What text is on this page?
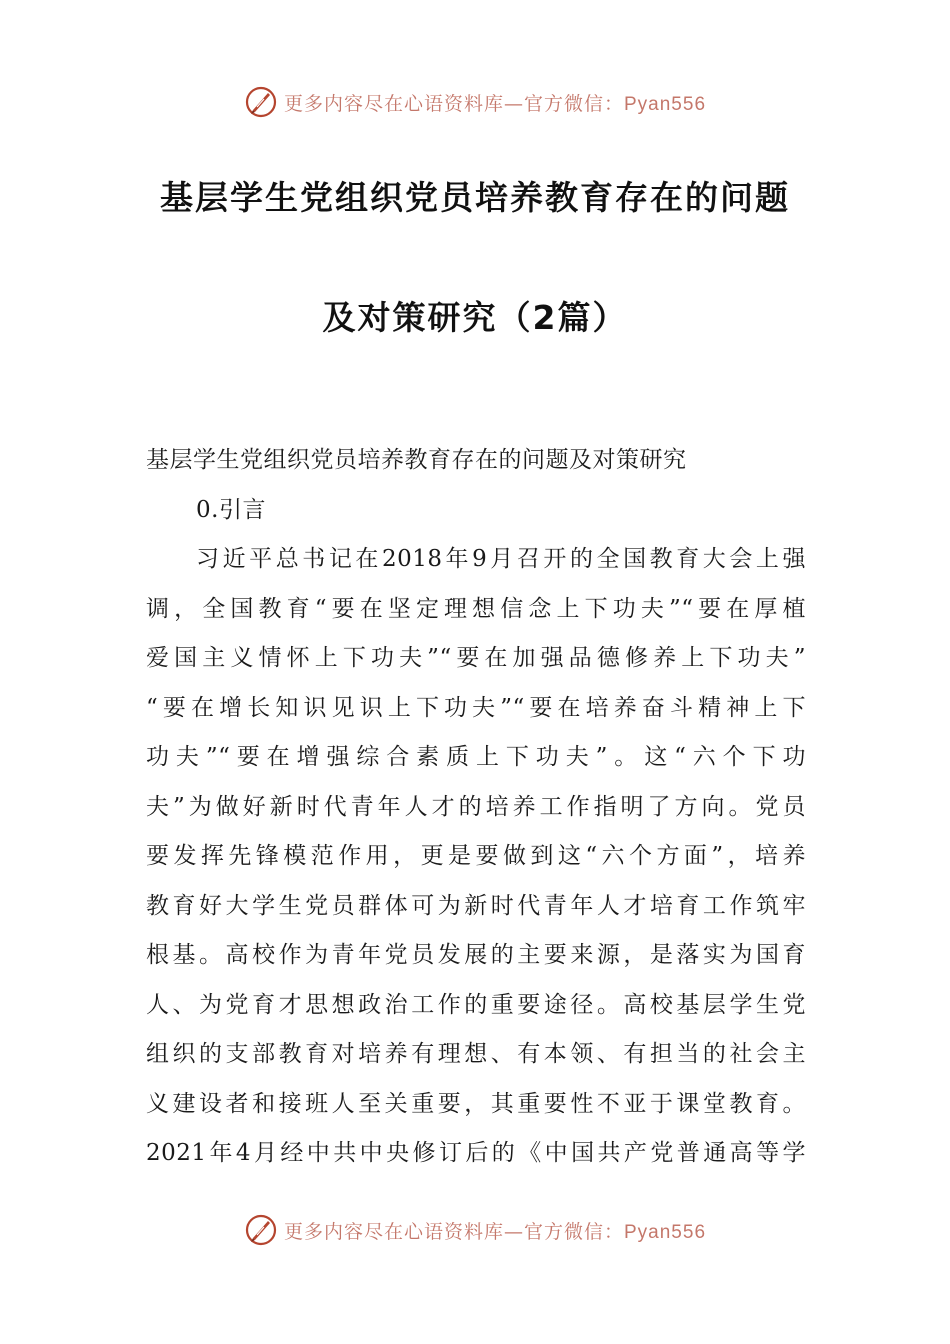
更多内容尽在心语资料库—官方微信：Pyan556
基层学生党组织党员培养教育存在的问题
及对策研究（2篇）
基层学生党组织党员培养教育存在的问题及对策研究
0.引言
习近平总书记在2018年9月召开的全国教育大会上强
调，全国教育“要在坚定理想信念上下功夫”“要在厚植
爱国主义情怀上下功夫”“要在加强品德修养上下功夫”
“要在增长知识见识上下功夫”“要在培养奋斗精神上下
功夫”“要在增强综合素质上下功夫”。这“六个下功
夫”为做好新时代青年人才的培养工作指明了方向。党员
要发挥先锋模范作用，更是要做到这“六个方面”，培养
教育好大学生党员群体可为新时代青年人才培育工作筑牢
根基。高校作为青年党员发展的主要来源，是落实为国育
人、为党育才思想政治工作的重要途径。高校基层学生党
组织的支部教育对培养有理想、有本领、有担当的社会主
义建设者和接班人至关重要，其重要性不亚于课堂教育。
2021年4月经中共中央修订后的《中国共产党普通高等学
更多内容尽在心语资料库—官方微信：Pyan556
